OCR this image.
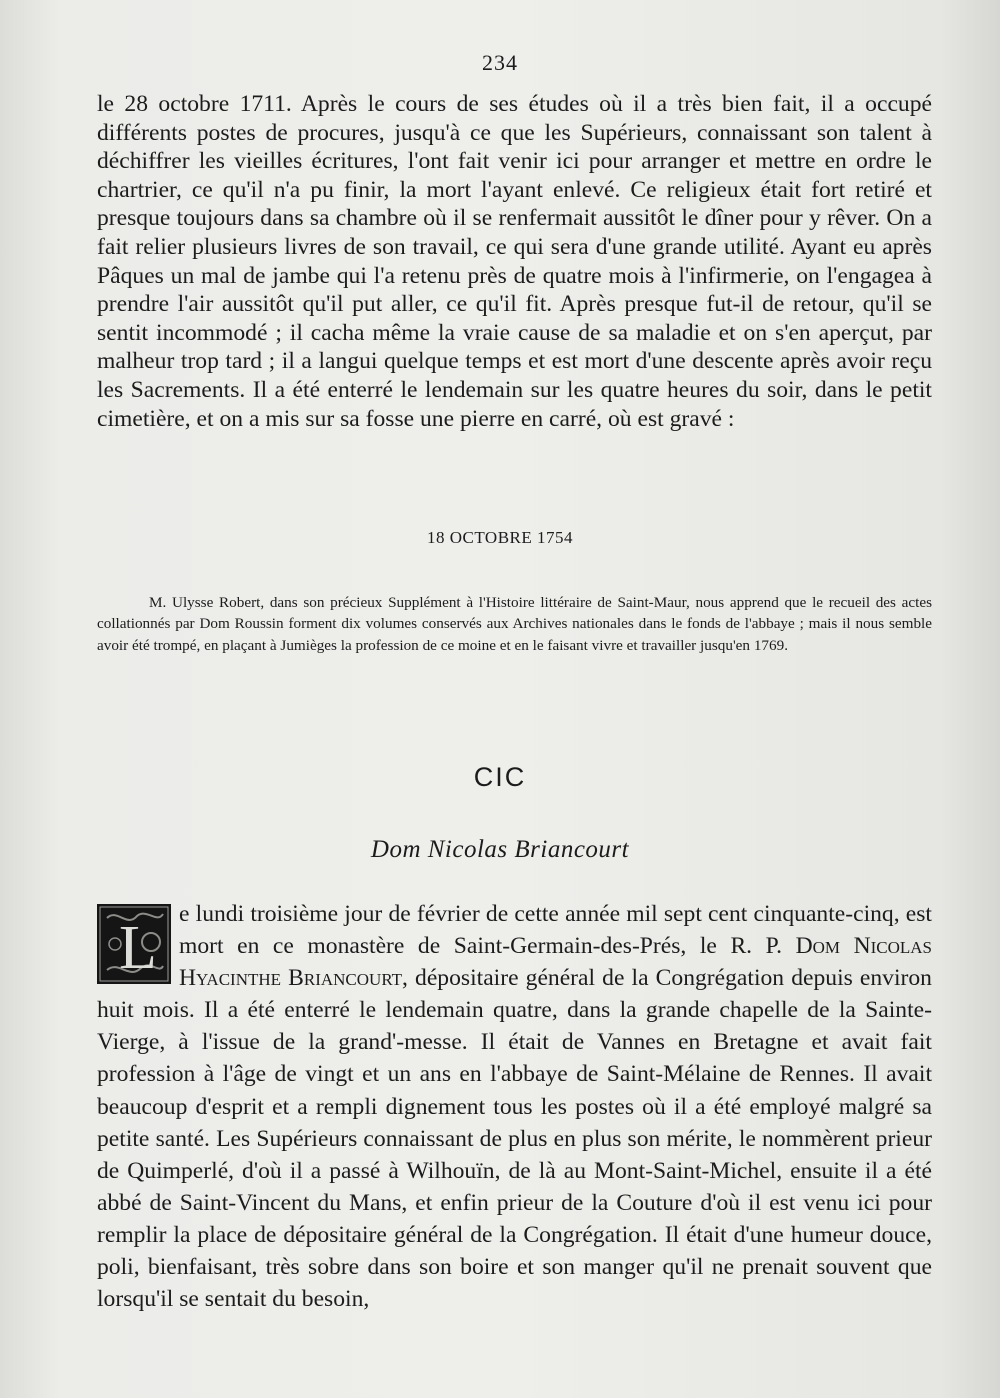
234

le 28 octobre 1711. Après le cours de ses études où il a très bien fait, il a occupé différents postes de procures, jusqu'à ce que les Supérieurs, connaissant son talent à déchiffrer les vieilles écritures, l'ont fait venir ici pour arranger et mettre en ordre le chartrier, ce qu'il n'a pu finir, la mort l'ayant enlevé. Ce religieux était fort retiré et presque toujours dans sa chambre où il se renfermait aussitôt le dîner pour y rêver. On a fait relier plusieurs livres de son travail, ce qui sera d'une grande utilité. Ayant eu après Pâques un mal de jambe qui l'a retenu près de quatre mois à l'infirmerie, on l'engagea à prendre l'air aussitôt qu'il put aller, ce qu'il fit. Après presque fut-il de retour, qu'il se sentit incommodé ; il cacha même la vraie cause de sa maladie et on s'en aperçut, par malheur trop tard ; il a langui quelque temps et est mort d'une descente après avoir reçu les Sacrements. Il a été enterré le lendemain sur les quatre heures du soir, dans le petit cimetière, et on a mis sur sa fosse une pierre en carré, où est gravé :

18 OCTOBRE 1754

M. Ulysse Robert, dans son précieux Supplément à l'Histoire littéraire de Saint-Maur, nous apprend que le recueil des actes collationnés par Dom Roussin forment dix volumes conservés aux Archives nationales dans le fonds de l'abbaye ; mais il nous semble avoir été trompé, en plaçant à Jumièges la profession de ce moine et en le faisant vivre et travailler jusqu'en 1769.

CIC
Dom Nicolas Briancourt
L e lundi troisième jour de février de cette année mil sept cent cinquante-cinq, est mort en ce monastère de Saint-Germain-des-Prés, le R. P. Dom Nicolas Hyacinthe Briancourt, dépositaire général de la Congrégation depuis environ huit mois. Il a été enterré le lendemain quatre, dans la grande chapelle de la Sainte-Vierge, à l'issue de la grand'-messe. Il était de Vannes en Bretagne et avait fait profession à l'âge de vingt et un ans en l'abbaye de Saint-Mélaine de Rennes. Il avait beaucoup d'esprit et a rempli dignement tous les postes où il a été employé malgré sa petite santé. Les Supérieurs connaissant de plus en plus son mérite, le nommèrent prieur de Quimperlé, d'où il a passé à Wilhouïn, de là au Mont-Saint-Michel, ensuite il a été abbé de Saint-Vincent du Mans, et enfin prieur de la Couture d'où il est venu ici pour remplir la place de dépositaire général de la Congrégation. Il était d'une humeur douce, poli, bienfaisant, très sobre dans son boire et son manger qu'il ne prenait souvent que lorsqu'il se sentait du besoin,
